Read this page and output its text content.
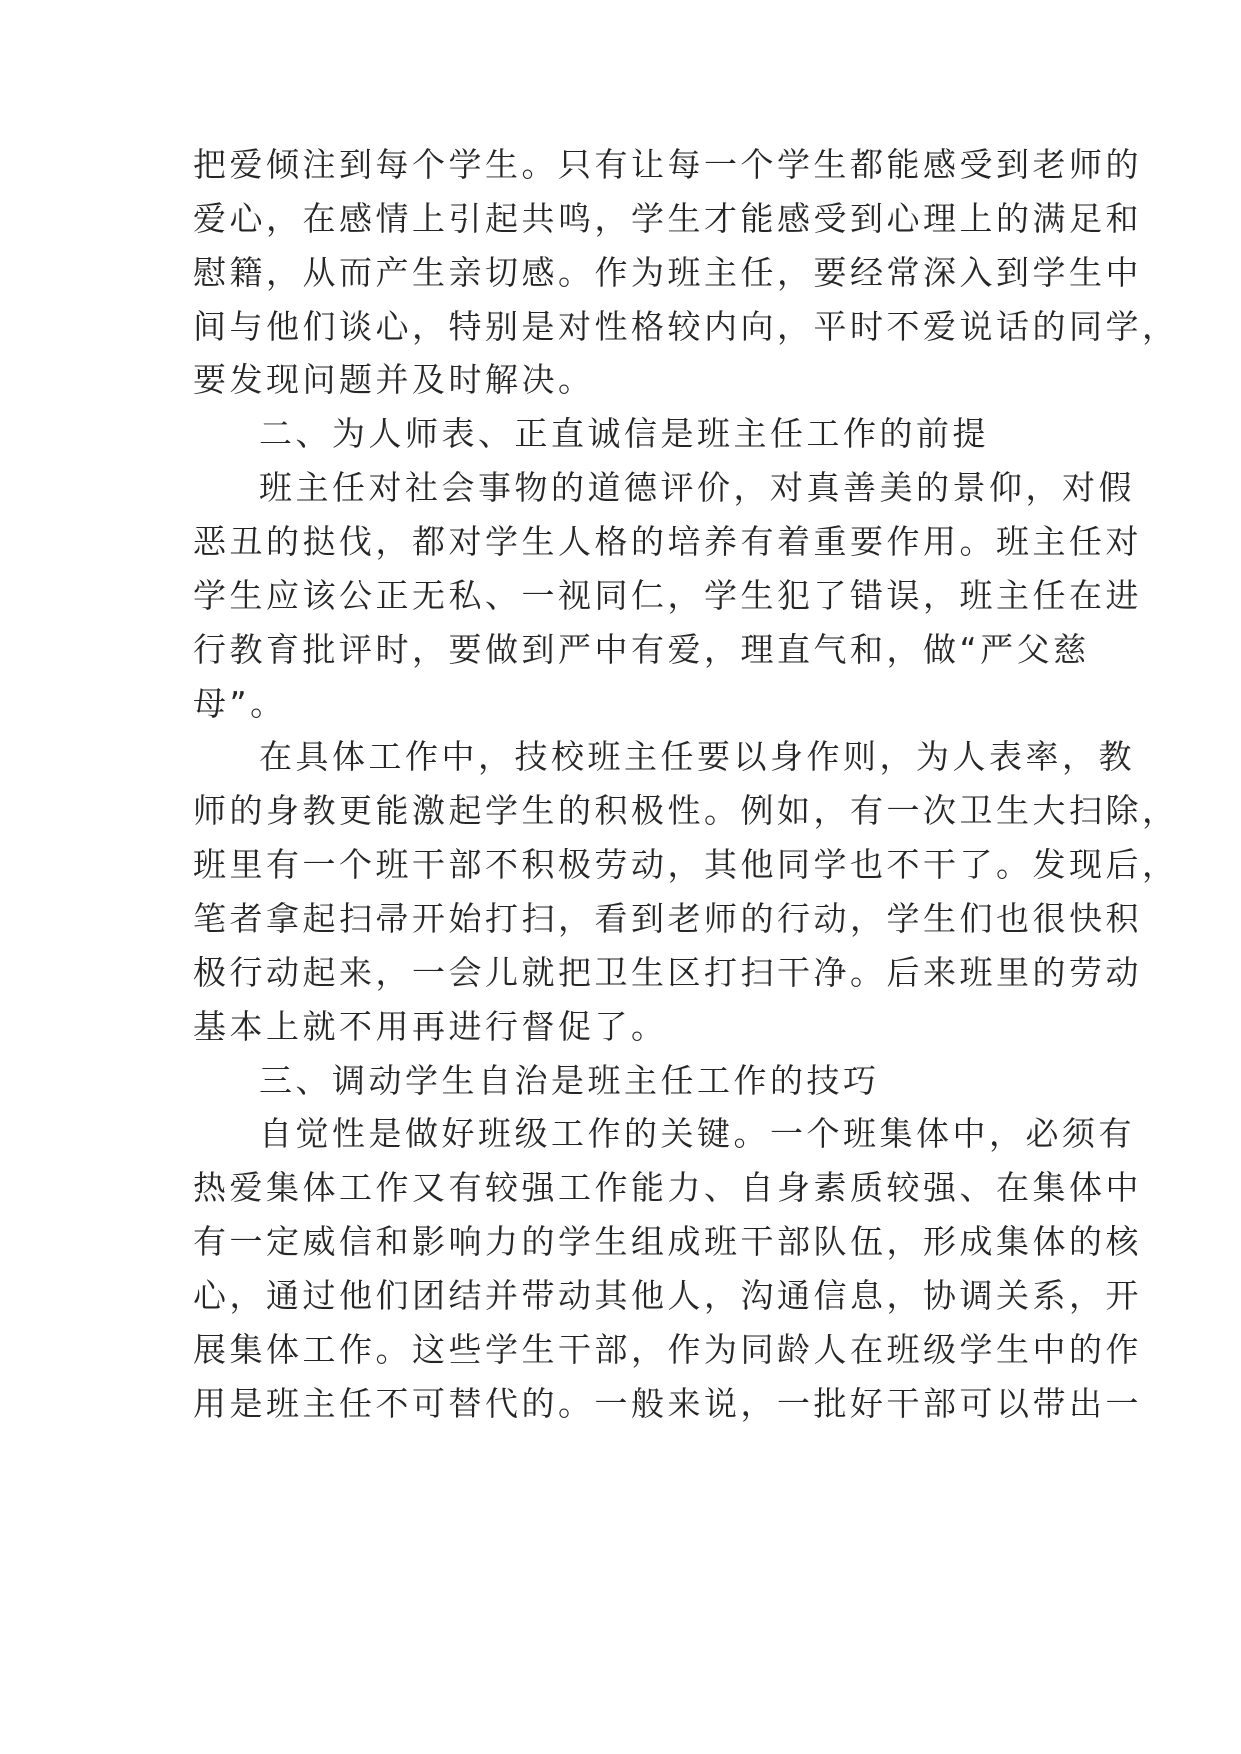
把爱倾注到每个学生。只有让每一个学生都能感受到老师的
爱心，在感情上引起共鸣，学生才能感受到心理上的满足和
慰籍，从而产生亲切感。作为班主任，要经常深入到学生中
间与他们谈心，特别是对性格较内向，平时不爱说话的同学，
要发现问题并及时解决。
二、为人师表、正直诚信是班主任工作的前提
班主任对社会事物的道德评价，对真善美的景仰，对假
恶丑的挞伐，都对学生人格的培养有着重要作用。班主任对
学生应该公正无私、一视同仁，学生犯了错误，班主任在进
行教育批评时，要做到严中有爱，理直气和，做“严父慈
母”。
在具体工作中，技校班主任要以身作则，为人表率，教
师的身教更能激起学生的积极性。例如，有一次卫生大扫除，
班里有一个班干部不积极劳动，其他同学也不干了。发现后，
笔者拿起扫帚开始打扫，看到老师的行动，学生们也很快积
极行动起来，一会儿就把卫生区打扫干净。后来班里的劳动
基本上就不用再进行督促了。
三、调动学生自治是班主任工作的技巧
自觉性是做好班级工作的关键。一个班集体中，必须有
热爱集体工作又有较强工作能力、自身素质较强、在集体中
有一定威信和影响力的学生组成班干部队伍，形成集体的核
心，通过他们团结并带动其他人，沟通信息，协调关系，开
展集体工作。这些学生干部，作为同龄人在班级学生中的作
用是班主任不可替代的。一般来说，一批好干部可以带出一
